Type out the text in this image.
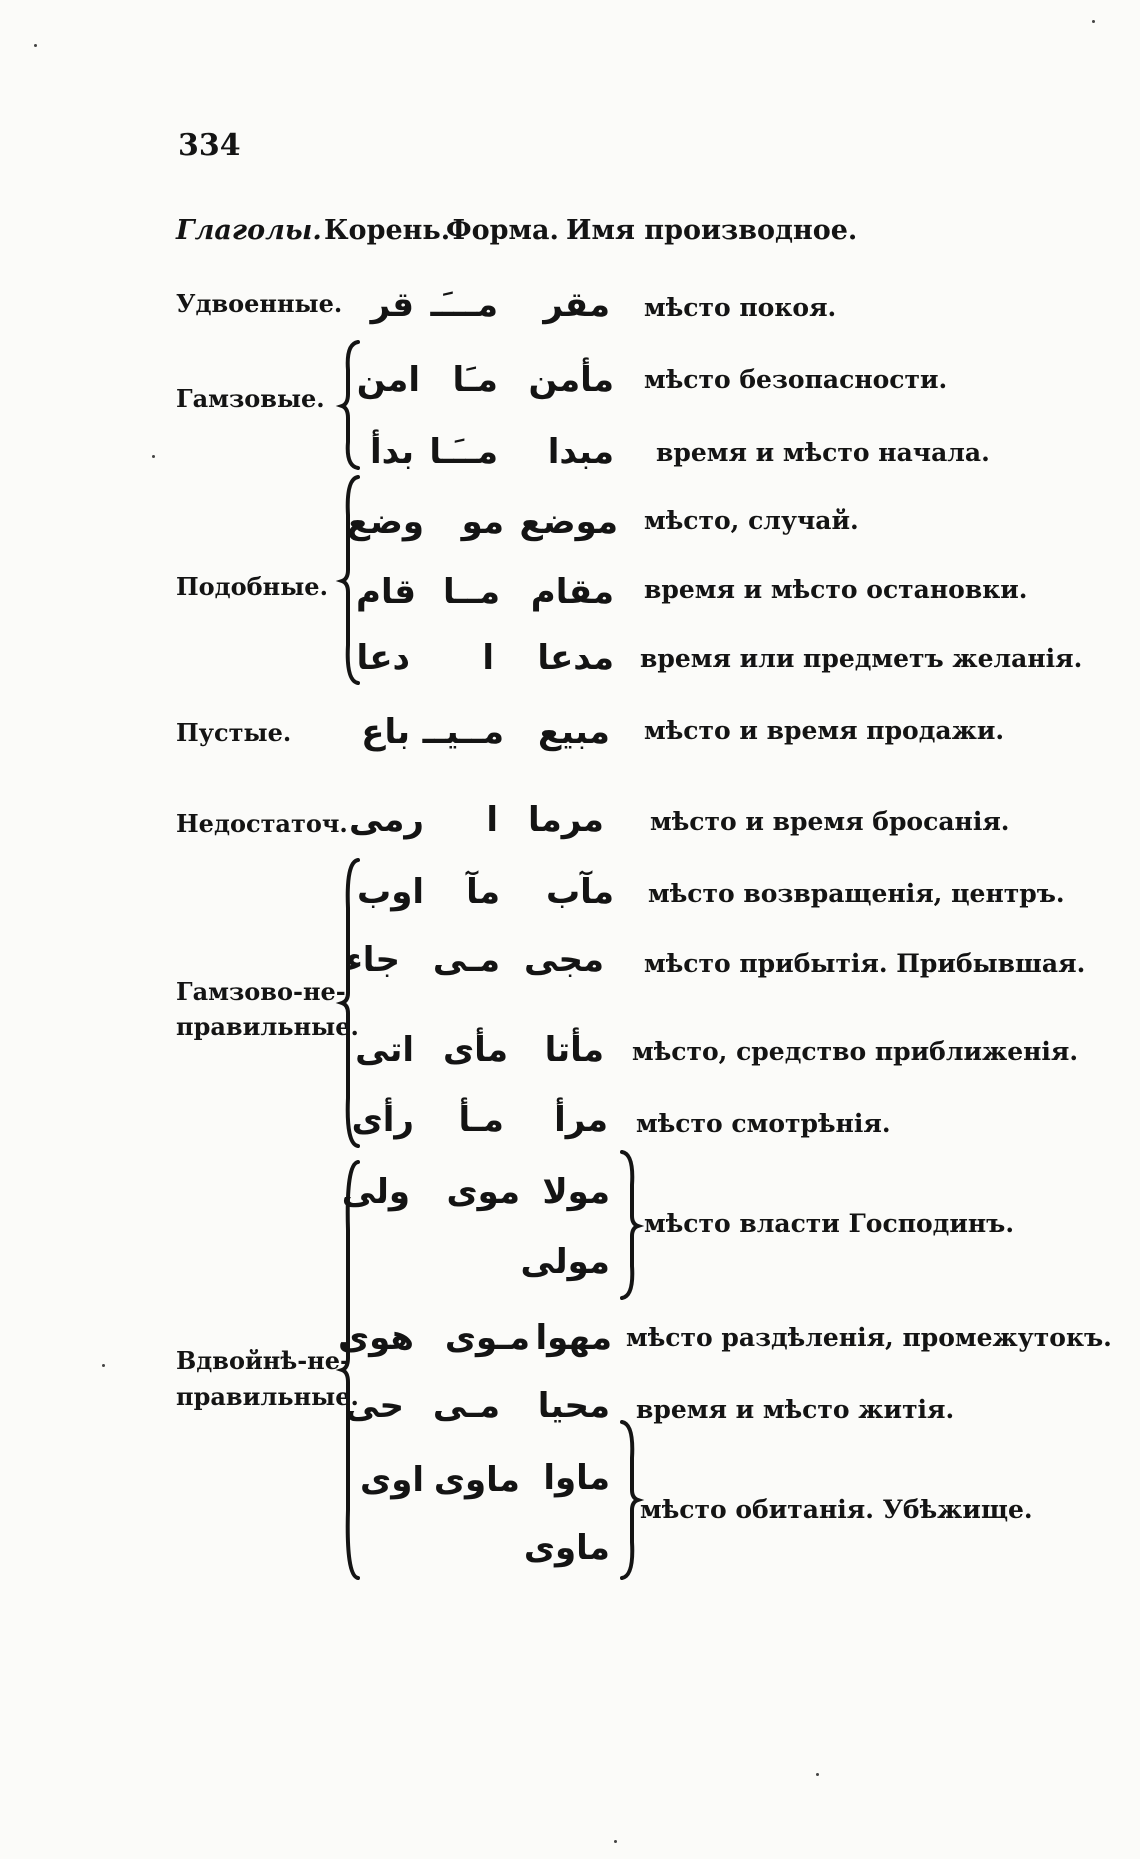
334
Глаголы. Корень.
Форма. Имя производное.
Удвоенные.
Гамзовые.
Подобные.
Пустые.
Недостаточ.
Гамзово-не-
правильные.
Вдвойнѣ-не-
правильные.
قر مـــَـ مقر мѣсто покоя.
امن مـَا مأمن мѣсто безопасности.
بدأ مــَـا مبدا время и мѣсто начала.
وضع مو موضع мѣсто, случай.
قام مــا مقام время и мѣсто остановки.
دعا ا مدعا время или предметъ желанія.
باع مــيــ مبيع мѣсто и время продажи.
رمى ا مرما мѣсто и время бросанія.
اوب مآ مآب мѣсто возвращенія, центръ.
جاء مـى مجى мѣсто прибытія. Прибывшая.
اتى مأى مأتا мѣсто, средство приближенія.
رأى مـأ مرأ мѣсто смотрѣнія.
ولى موى مولا
مولى
мѣсто власти Господинъ.
هوى مـوى مهوا мѣсто раздѣленія, промежутокъ.
حى مـى محيا время и мѣсто житія.
اوى ماوى ماوا
ماوى
мѣсто обитанія. Убѣжище.
